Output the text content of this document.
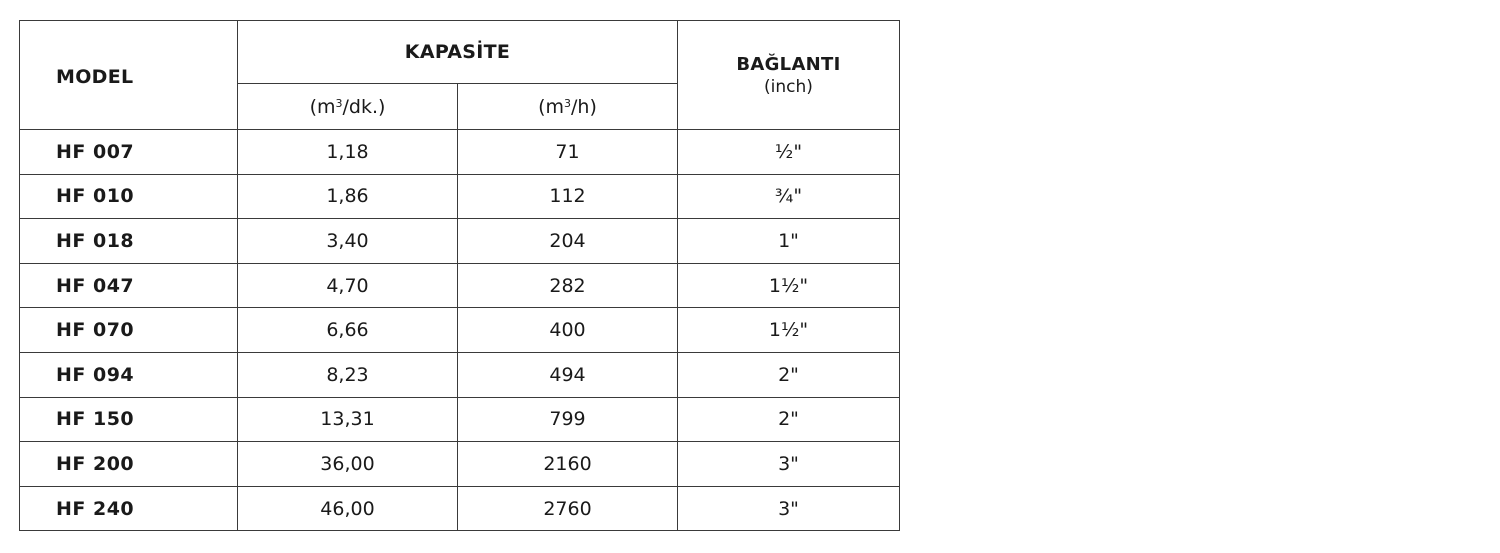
MODEL	KAPASİTE		BAĞLANTI
(inch)

	$(m^3/dk.)$	$(m^3/h)$	
HF 007	1,18	71	½"
HF 010	1,86	112	¾"
HF 018	3,40	204	1"
HF 047	4,70	282	1½"
HF 070	6,66	400	1½"
HF 094	8,23	494	2"
HF 150	13,31	799	2"
HF 200	36,00	2160	3"
HF 240	46,00	2760	3"
